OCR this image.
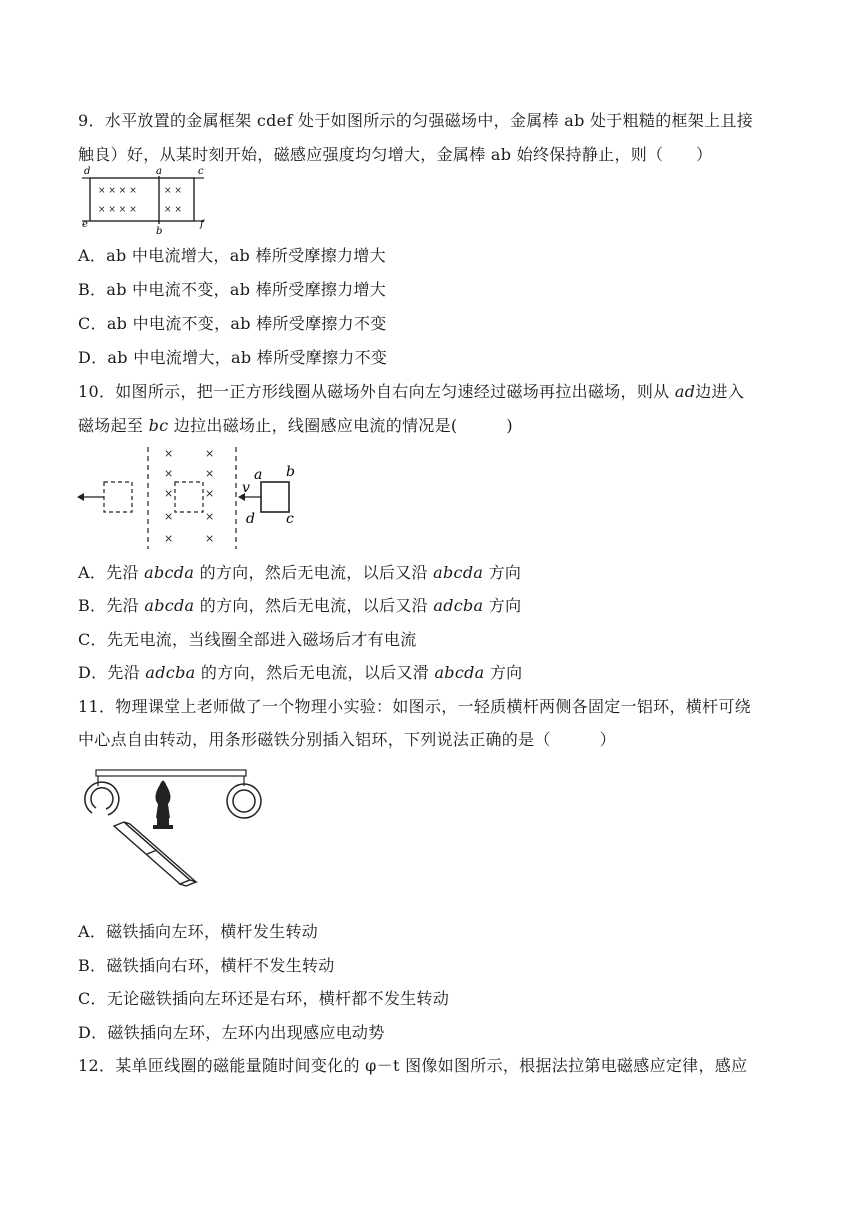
9．水平放置的金属框架 cdef 处于如图所示的匀强磁场中，金属棒 ab 处于粗糙的框架上且接
触良）好，从某时刻开始，磁感应强度均匀增大，金属棒 ab 始终保持静止，则（　　）
× × × ×
× × × ×
× ×
× ×
d	a	c
e
b
f
A．ab 中电流增大，ab 棒所受摩擦力增大
B．ab 中电流不变，ab 棒所受摩擦力增大
C．ab 中电流不变，ab 棒所受摩擦力不变
D．ab 中电流增大，ab 棒所受摩擦力不变
10．如图所示，把一正方形线圈从磁场外自右向左匀速经过磁场再拉出磁场，则从 ad边进入
磁场起至 bc 边拉出磁场止，线圈感应电流的情况是(　　　)
×	×
×	×
×	×
×	×
×	×
v
a b
d c
A．先沿 abcda 的方向，然后无电流，以后又沿 abcda 方向
B．先沿 abcda 的方向，然后无电流，以后又沿 adcba 方向
C．先无电流，当线圈全部进入磁场后才有电流
D．先沿 adcba 的方向，然后无电流，以后又滑 abcda 方向
11．物理课堂上老师做了一个物理小实验：如图示，一轻质横杆两侧各固定一铝环，横杆可绕
中心点自由转动，用条形磁铁分别插入铝环，下列说法正确的是（　　　）
A．磁铁插向左环，横杆发生转动
B．磁铁插向右环，横杆不发生转动
C．无论磁铁插向左环还是右环，横杆都不发生转动
D．磁铁插向左环，左环内出现感应电动势
12．某单匝线圈的磁能量随时间变化的 φ－t 图像如图所示，根据法拉第电磁感应定律，感应
